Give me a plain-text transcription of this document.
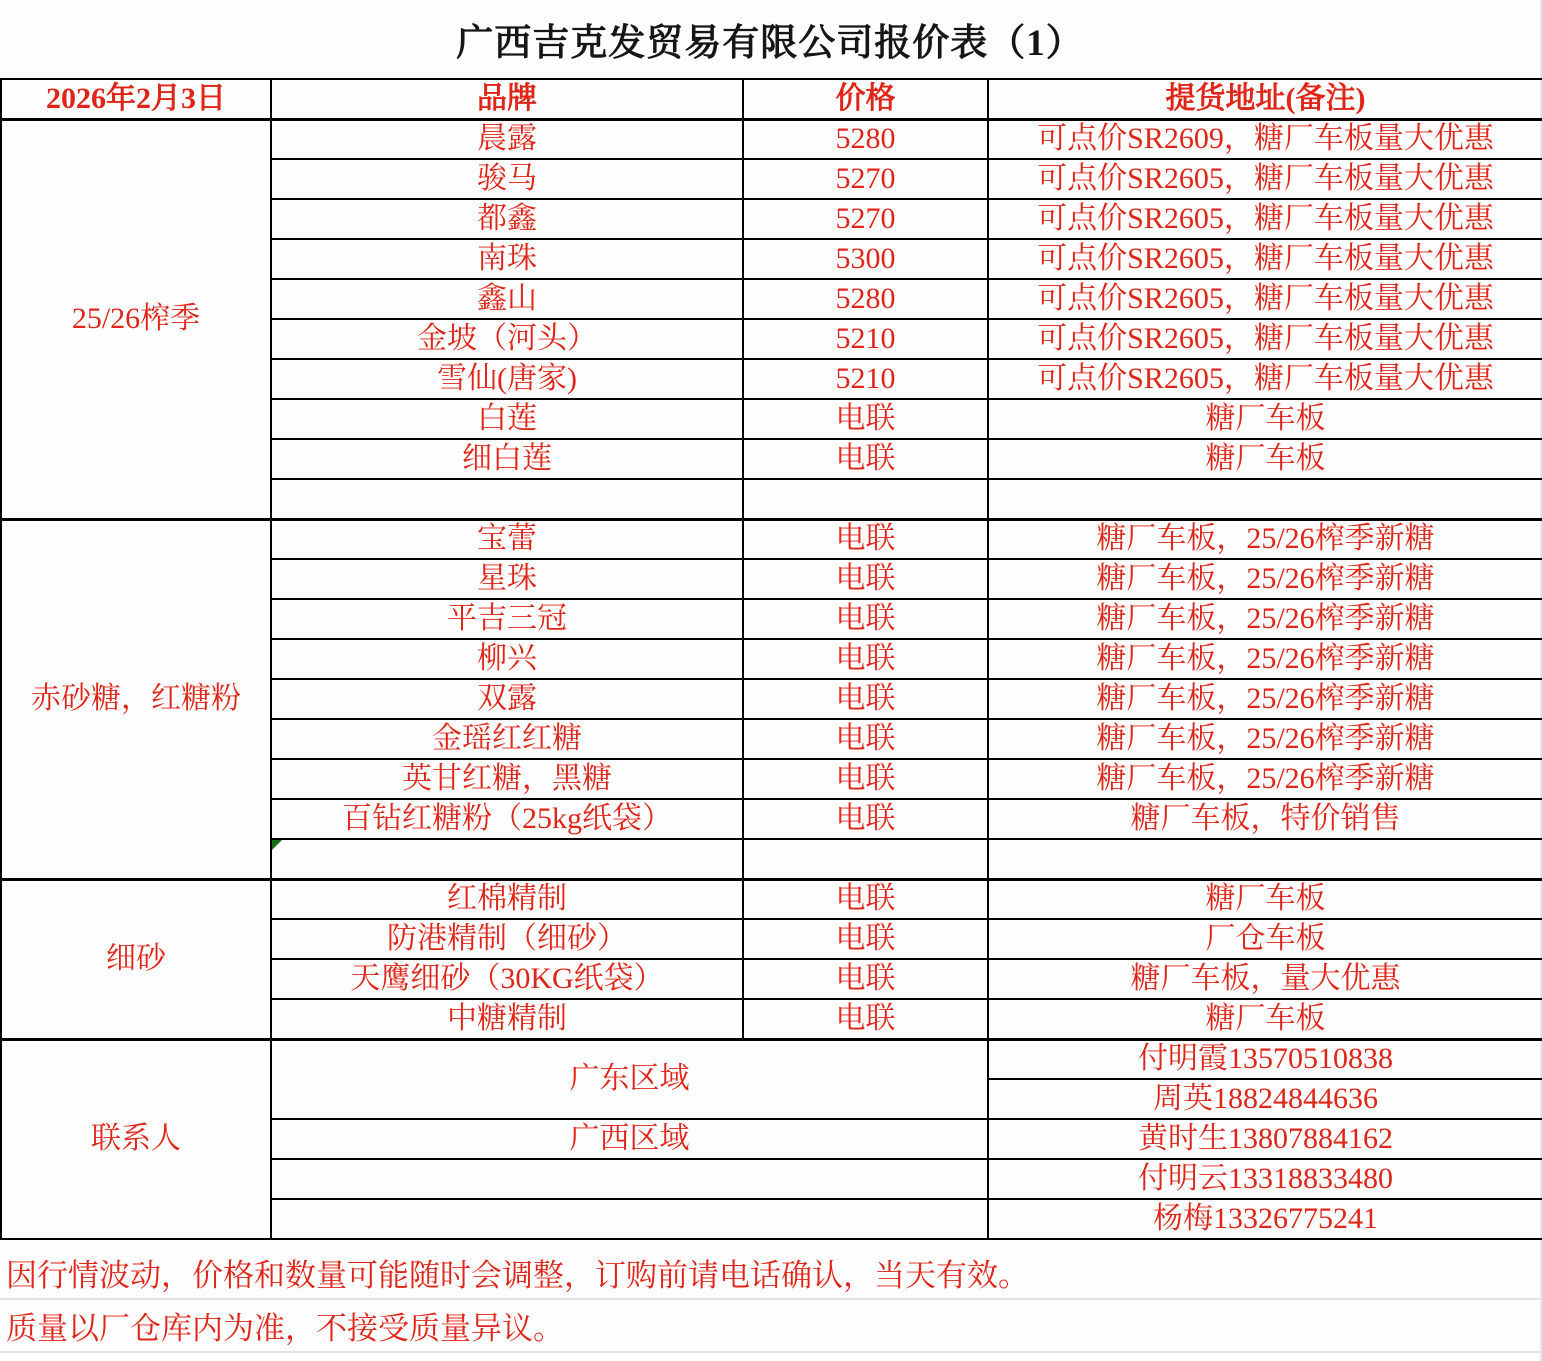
广西吉克发贸易有限公司报价表（1）
2026年2月3日	品牌	价格	提货地址(备注)
25/26榨季	晨露	5280	可点价SR2609，糖厂车板量大优惠
	骏马	5270	可点价SR2605，糖厂车板量大优惠
	都鑫	5270	可点价SR2605，糖厂车板量大优惠
	南珠	5300	可点价SR2605，糖厂车板量大优惠
	鑫山	5280	可点价SR2605，糖厂车板量大优惠
	金坡（河头）	5210	可点价SR2605，糖厂车板量大优惠
	雪仙(唐家)	5210	可点价SR2605，糖厂车板量大优惠
	白莲	电联	糖厂车板
	细白莲	电联	糖厂车板

赤砂糖，红糖粉	宝蕾	电联	糖厂车板，25/26榨季新糖
	星珠	电联	糖厂车板，25/26榨季新糖
	平吉三冠	电联	糖厂车板，25/26榨季新糖
	柳兴	电联	糖厂车板，25/26榨季新糖
	双露	电联	糖厂车板，25/26榨季新糖
	金瑶红红糖	电联	糖厂车板，25/26榨季新糖
	英甘红糖，黑糖	电联	糖厂车板，25/26榨季新糖
	百钻红糖粉（25kg纸袋）	电联	糖厂车板，特价销售

细砂	红棉精制	电联	糖厂车板
	防港精制（细砂）	电联	厂仓车板
	天鹰细砂（30KG纸袋）	电联	糖厂车板，量大优惠
	中糖精制	电联	糖厂车板
联系人	广东区域		付明霞13570510838
			周英18824844636
	广西区域		黄时生13807884162
			付明云13318833480
			杨梅13326775241
因行情波动，价格和数量可能随时会调整，订购前请电话确认，当天有效。
质量以厂仓库内为准，不接受质量异议。
